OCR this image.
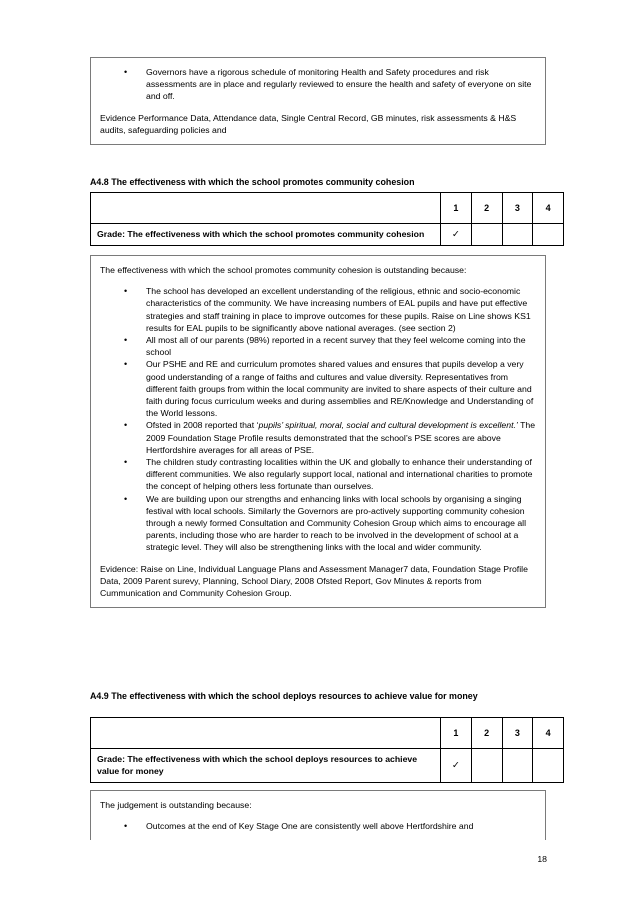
• Governors have a rigorous schedule of monitoring Health and Safety procedures and risk assessments are in place and regularly reviewed to ensure the health and safety of everyone on site and off.

Evidence Performance Data, Attendance data, Single Central Record, GB minutes, risk assessments & H&S audits, safeguarding policies and

A4.8 The effectiveness with which the school promotes community cohesion
	1	2	3	4
Grade: The effectiveness with which the school promotes community cohesion	✓			

The effectiveness with which the school promotes community cohesion is outstanding because:

• The school has developed an excellent understanding of the religious, ethnic and socio-economic characteristics of the community. We have increasing numbers of EAL pupils and have put effective strategies and staff training in place to improve outcomes for these pupils. Raise on Line shows KS1 results for EAL pupils to be significantly above national averages. (see section 2)
• All most all of our parents (98%) reported in a recent survey that they feel welcome coming into the school
• Our PSHE and RE and curriculum promotes shared values and ensures that pupils develop a very good understanding of a range of faiths and cultures and value diversity. Representatives from different faith groups from within the local community are invited to share aspects of their culture and faith during focus curriculum weeks and during assemblies and RE/Knowledge and Understanding of the World lessons.
• Ofsted in 2008 reported that ‘pupils’ spiritual, moral, social and cultural development is excellent.’ The 2009 Foundation Stage Profile results demonstrated that the school’s PSE scores are above Hertfordshire averages for all areas of PSE.
• The children study contrasting localities within the UK and globally to enhance their understanding of different communities. We also regularly support local, national and international charities to promote the concept of helping others less fortunate than ourselves.
• We are building upon our strengths and enhancing links with local schools by organising a singing festival with local schools. Similarly the Governors are pro-actively supporting community cohesion through a newly formed Consultation and Community Cohesion Group which aims to encourage all parents, including those who are harder to reach to be involved in the development of school at a strategic level. They will also be strengthening links with the local and wider community.

Evidence: Raise on Line, Individual Language Plans and Assessment Manager7 data, Foundation Stage Profile Data, 2009 Parent surevy, Planning, School Diary, 2008 Ofsted Report, Gov Minutes & reports from Cummunication and Community Cohesion Group.

A4.9 The effectiveness with which the school deploys resources to achieve value for money
	1	2	3	4
Grade: The effectiveness with which the school deploys resources to achieve value for money	✓			

The judgement is outstanding because:

• Outcomes at the end of Key Stage One are consistently well above Hertfordshire and
18
